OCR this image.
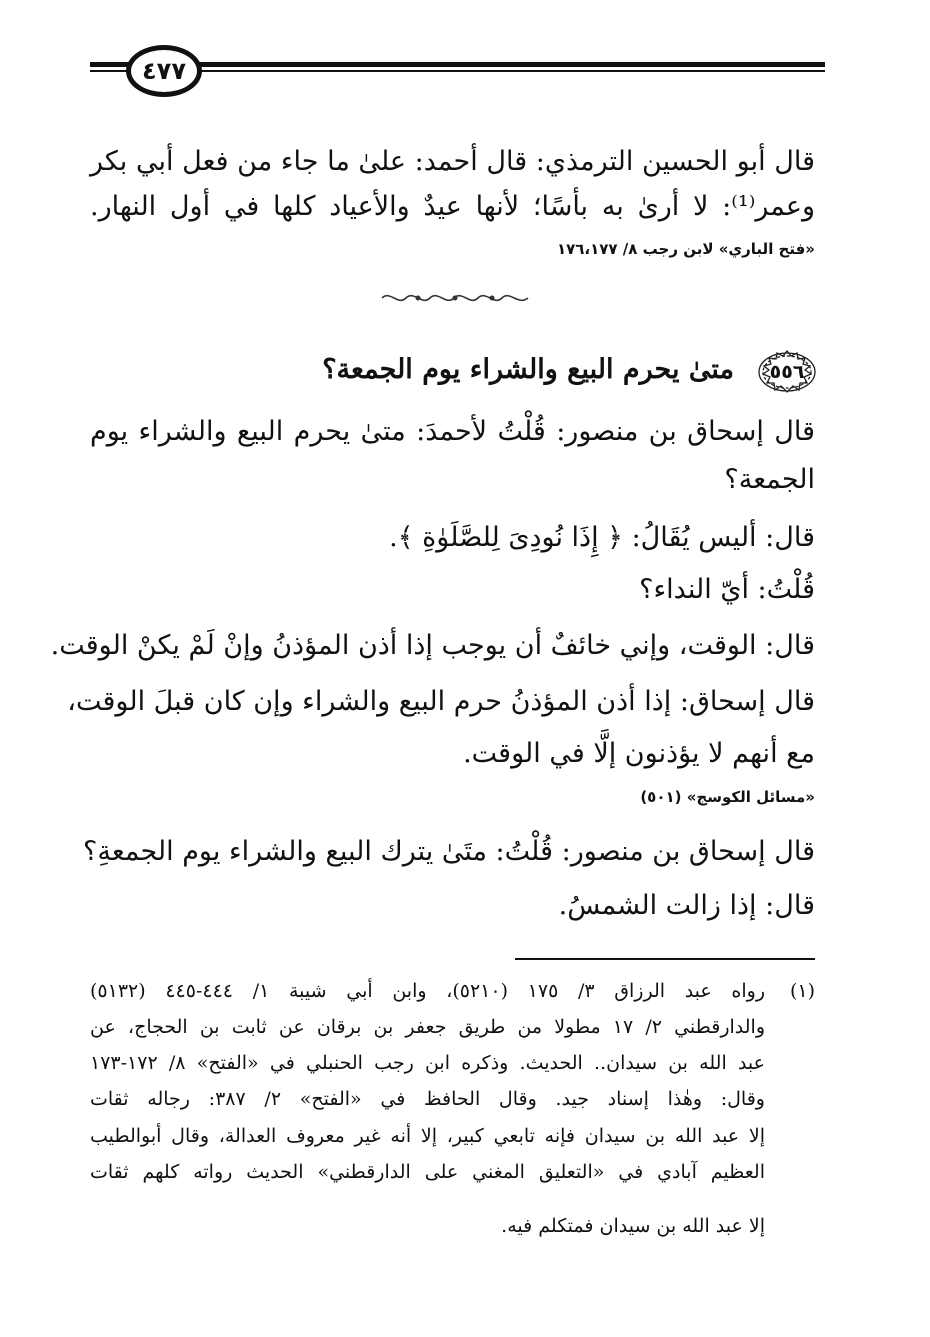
٤٧٧
قال أبو الحسين الترمذي: قال أحمد: علىٰ ما جاء من فعل أبي بكر
وعمر⁽¹⁾: لا أرىٰ به بأسًا؛ لأنها عيدٌ والأعياد كلها في أول النهار.
«فتح الباري» لابن رجب ٨/ ١٧٦،١٧٧
٥٥٦
متىٰ يحرم البيع والشراء يوم الجمعة؟
قال إسحاق بن منصور: قُلْتُ لأحمدَ: متىٰ يحرم البيع والشراء يوم
الجمعة؟
قال: أليس يُقَالُ: ﴿ إِذَا نُودِىَ لِلصَّلَوٰةِ ﴾.
قُلْتُ: أيّ النداء؟
قال: الوقت، وإني خائفٌ أن يوجب إذا أذن المؤذنُ وإنْ لَمْ يكنْ الوقت.
قال إسحاق: إذا أذن المؤذنُ حرم البيع والشراء وإن كان قبلَ الوقت،
مع أنهم لا يؤذنون إلَّا في الوقت.
«مسائل الكوسج» (٥٠١)
قال إسحاق بن منصور: قُلْتُ: متَىٰ يترك البيع والشراء يوم الجمعةِ؟
قال: إذا زالت الشمسُ.
(١)
رواه عبد الرزاق ٣/ ١٧٥ (٥٢١٠)، وابن أبي شيبة ١/ ٤٤٤-٤٤٥ (٥١٣٢)
والدارقطني ٢/ ١٧ مطولا من طريق جعفر بن برقان عن ثابت بن الحجاج، عن
عبد الله بن سيدان.. الحديث. وذكره ابن رجب الحنبلي في «الفتح» ٨/ ١٧٢-١٧٣
وقال: وهٰذا إسناد جيد. وقال الحافظ في «الفتح» ٢/ ٣٨٧: رجاله ثقات
إلا عبد الله بن سيدان فإنه تابعي كبير، إلا أنه غير معروف العدالة، وقال أبوالطيب
العظيم آبادي في «التعليق المغني على الدارقطني» الحديث رواته كلهم ثقات
إلا عبد الله بن سيدان فمتكلم فيه.
